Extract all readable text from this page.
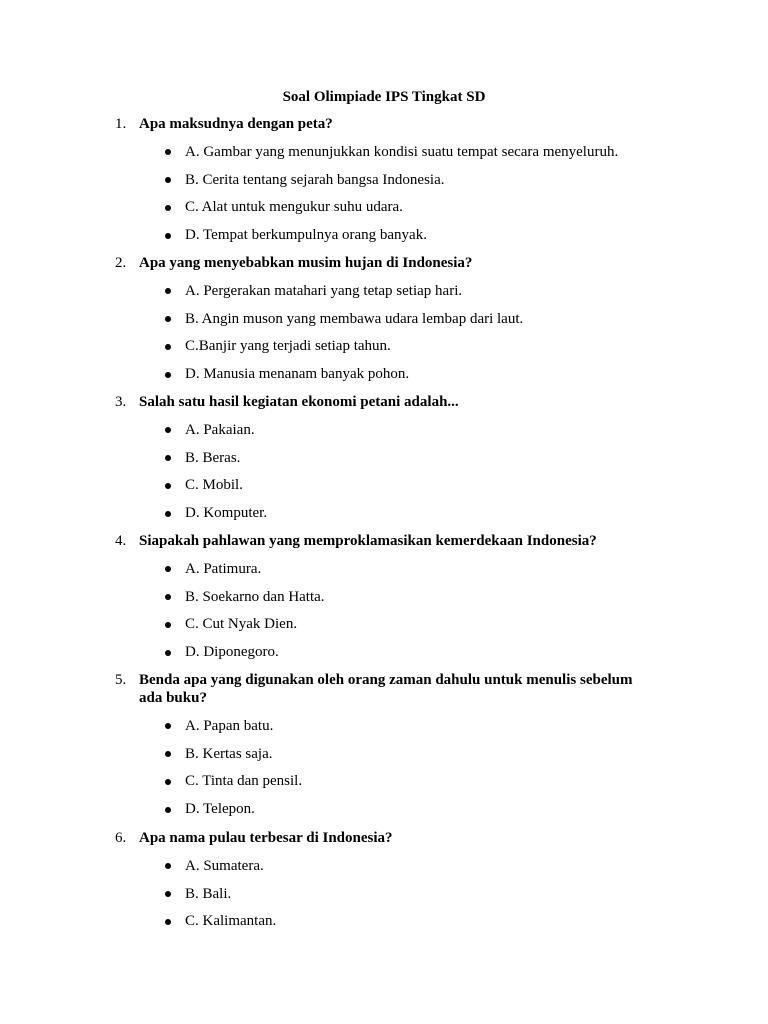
Soal Olimpiade IPS Tingkat SD
1. Apa maksudnya dengan peta?
A. Gambar yang menunjukkan kondisi suatu tempat secara menyeluruh.
B. Cerita tentang sejarah bangsa Indonesia.
C. Alat untuk mengukur suhu udara.
D. Tempat berkumpulnya orang banyak.
2. Apa yang menyebabkan musim hujan di Indonesia?
A. Pergerakan matahari yang tetap setiap hari.
B. Angin muson yang membawa udara lembap dari laut.
C.Banjir yang terjadi setiap tahun.
D. Manusia menanam banyak pohon.
3. Salah satu hasil kegiatan ekonomi petani adalah...
A. Pakaian.
B. Beras.
C. Mobil.
D. Komputer.
4. Siapakah pahlawan yang memproklamasikan kemerdekaan Indonesia?
A. Patimura.
B. Soekarno dan Hatta.
C. Cut Nyak Dien.
D. Diponegoro.
5. Benda apa yang digunakan oleh orang zaman dahulu untuk menulis sebelum ada buku?
A. Papan batu.
B. Kertas saja.
C. Tinta dan pensil.
D. Telepon.
6. Apa nama pulau terbesar di Indonesia?
A. Sumatera.
B. Bali.
C. Kalimantan.
